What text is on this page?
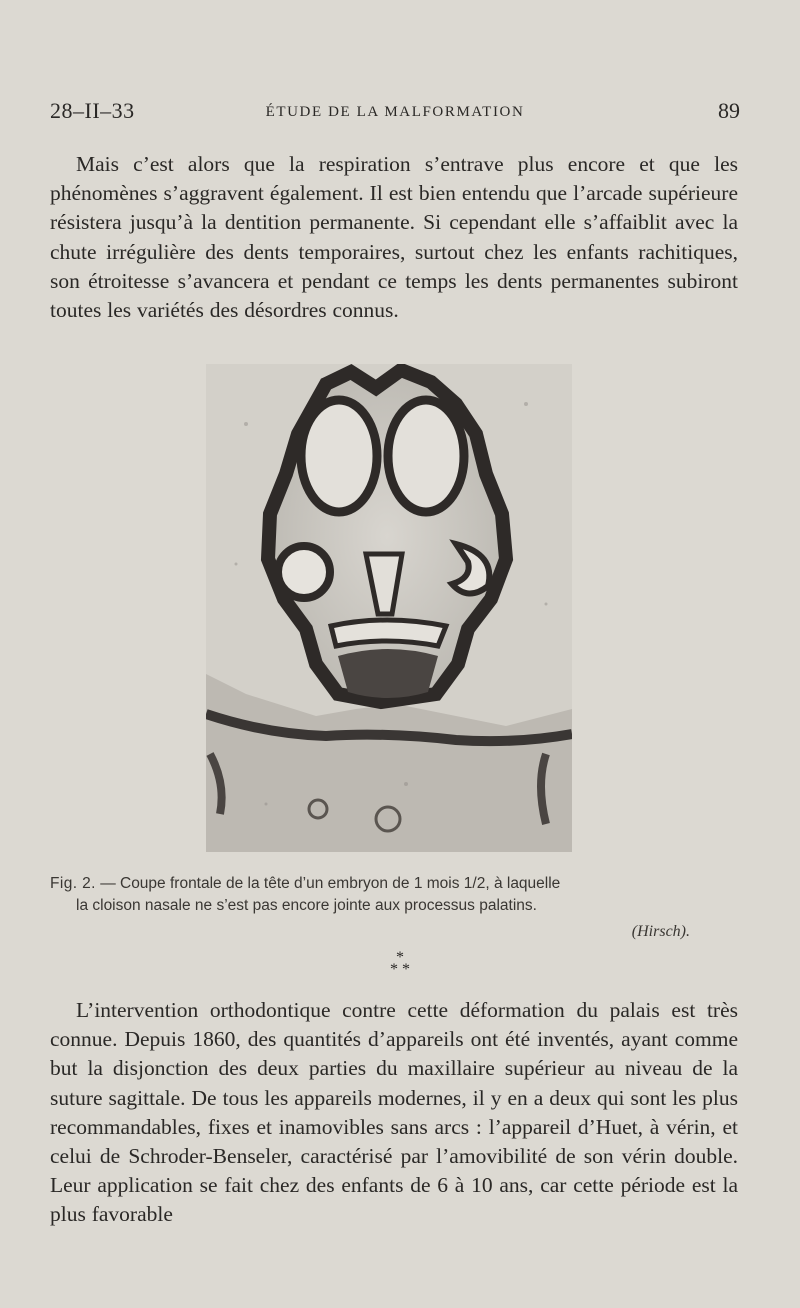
28–II–33	ÉTUDE DE LA MALFORMATION	89

Mais c’est alors que la respiration s’entrave plus encore et que les phénomènes s’aggravent également. Il est bien entendu que l’arcade supérieure résistera jusqu’à la dentition permanente. Si cependant elle s’affaiblit avec la chute irrégulière des dents temporaires, surtout chez les enfants rachitiques, son étroitesse s’avancera et pendant ce temps les dents permanentes subiront toutes les variétés des désordres connus.

Fig. 2. — Coupe frontale de la tête d’un embryon de 1 mois 1/2, à laquelle
la cloison nasale ne s’est pas encore jointe aux processus palatins.
(Hirsch).
*
* *

L’intervention orthodontique contre cette déformation du palais est très connue. Depuis 1860, des quantités d’appareils ont été inventés, ayant comme but la disjonction des deux parties du maxillaire supérieur au niveau de la suture sagittale. De tous les appareils modernes, il y en a deux qui sont les plus recommandables, fixes et inamovibles sans arcs : l’appareil d’Huet, à vérin, et celui de Schroder-Benseler, caractérisé par l’amovibilité de son vérin double. Leur application se fait chez des enfants de 6 à 10 ans, car cette période est la plus favorable
